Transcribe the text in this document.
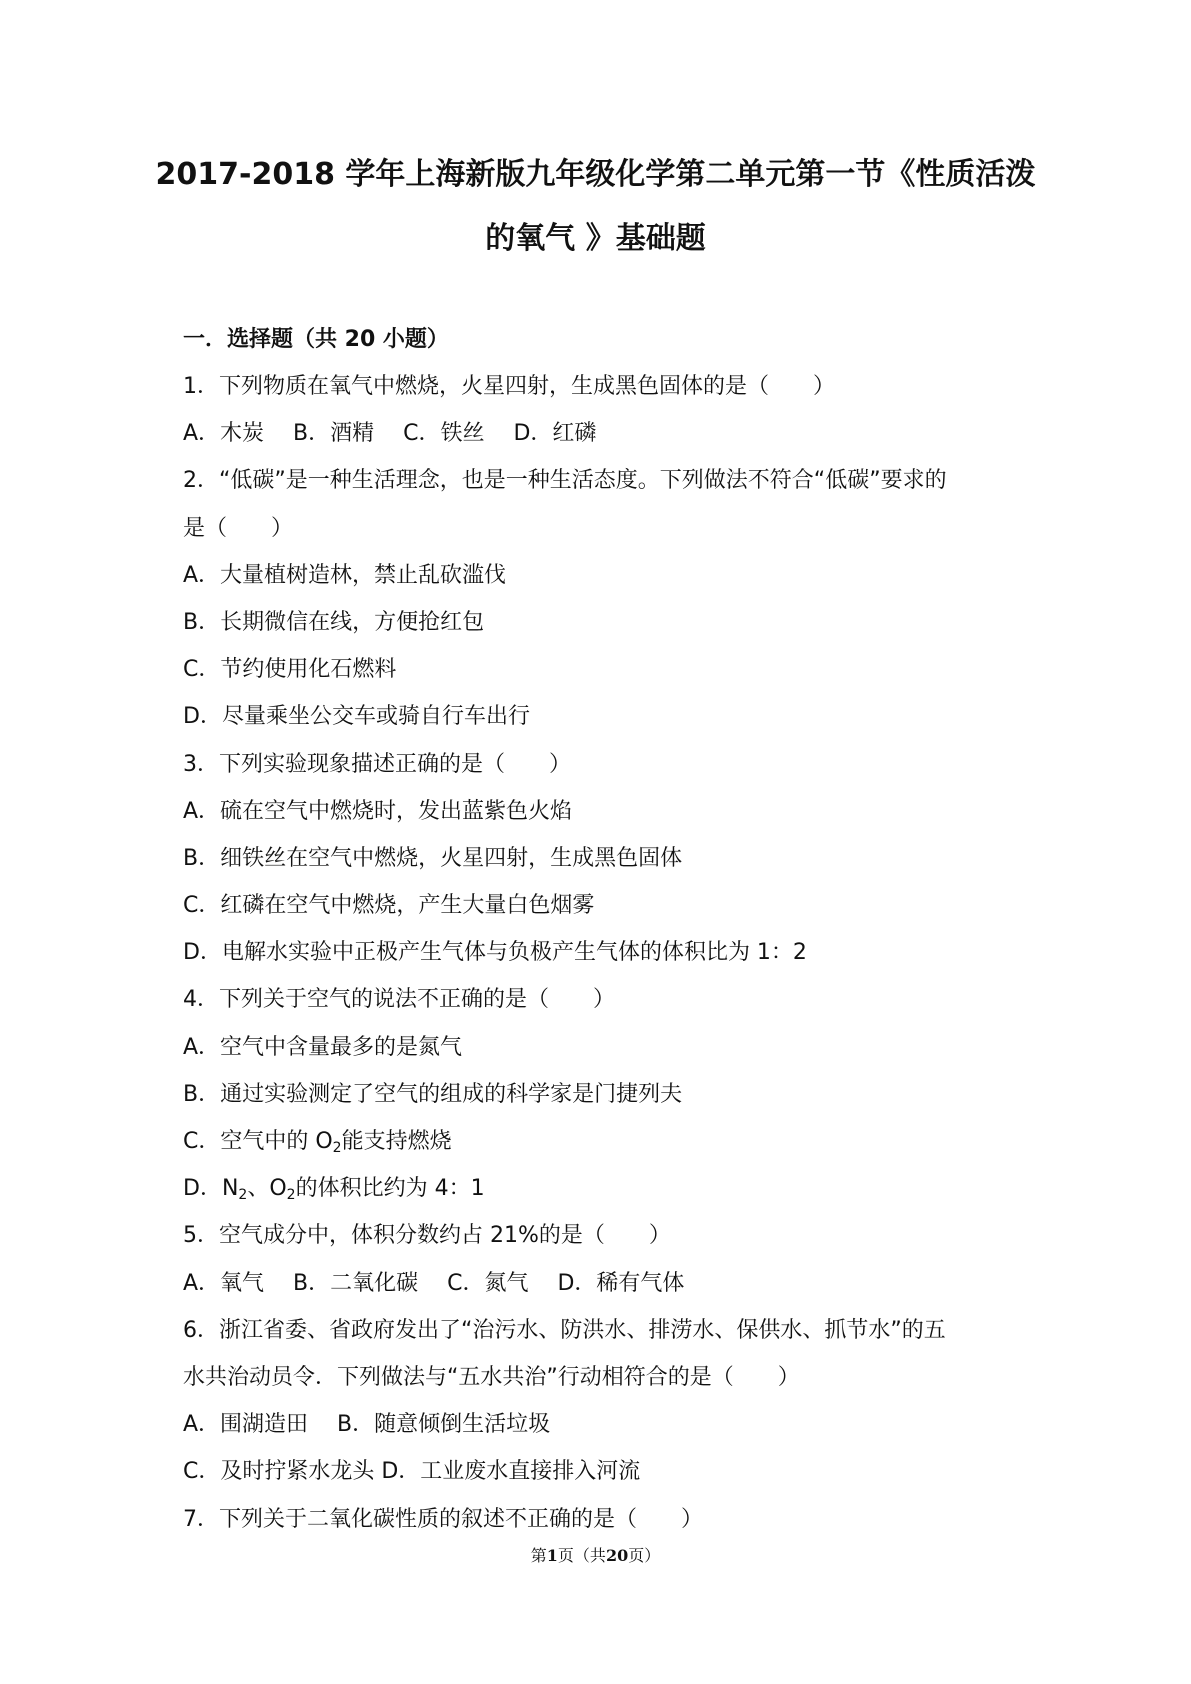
2017-2018 学年上海新版九年级化学第二单元第一节《性质活泼
的氧气 》基础题
一．选择题（共 20 小题）
1．下列物质在氧气中燃烧，火星四射，生成黑色固体的是（　　）
A．木炭　 B．酒精　 C．铁丝　 D．红磷
2．“低碳”是一种生活理念，也是一种生活态度。下列做法不符合“低碳”要求的
是（　　）
A．大量植树造林，禁止乱砍滥伐
B．长期微信在线，方便抢红包
C．节约使用化石燃料
D．尽量乘坐公交车或骑自行车出行
3．下列实验现象描述正确的是（　　）
A．硫在空气中燃烧时，发出蓝紫色火焰
B．细铁丝在空气中燃烧，火星四射，生成黑色固体
C．红磷在空气中燃烧，产生大量白色烟雾
D．电解水实验中正极产生气体与负极产生气体的体积比为 1：2
4．下列关于空气的说法不正确的是（　　）
A．空气中含量最多的是氮气
B．通过实验测定了空气的组成的科学家是门捷列夫
C．空气中的 $O_2$能支持燃烧
D．$N_2$、$O_2$的体积比约为 4：1
5．空气成分中，体积分数约占 21%的是（　　）
A．氧气　 B．二氧化碳　 C．氮气　 D．稀有气体
6．浙江省委、省政府发出了“治污水、防洪水、排涝水、保供水、抓节水”的五
水共治动员令．下列做法与“五水共治”行动相符合的是（　　）
A．围湖造田　 B．随意倾倒生活垃圾
C．及时拧紧水龙头 D．工业废水直接排入河流
7．下列关于二氧化碳性质的叙述不正确的是（　　）
第1页（共20页）
